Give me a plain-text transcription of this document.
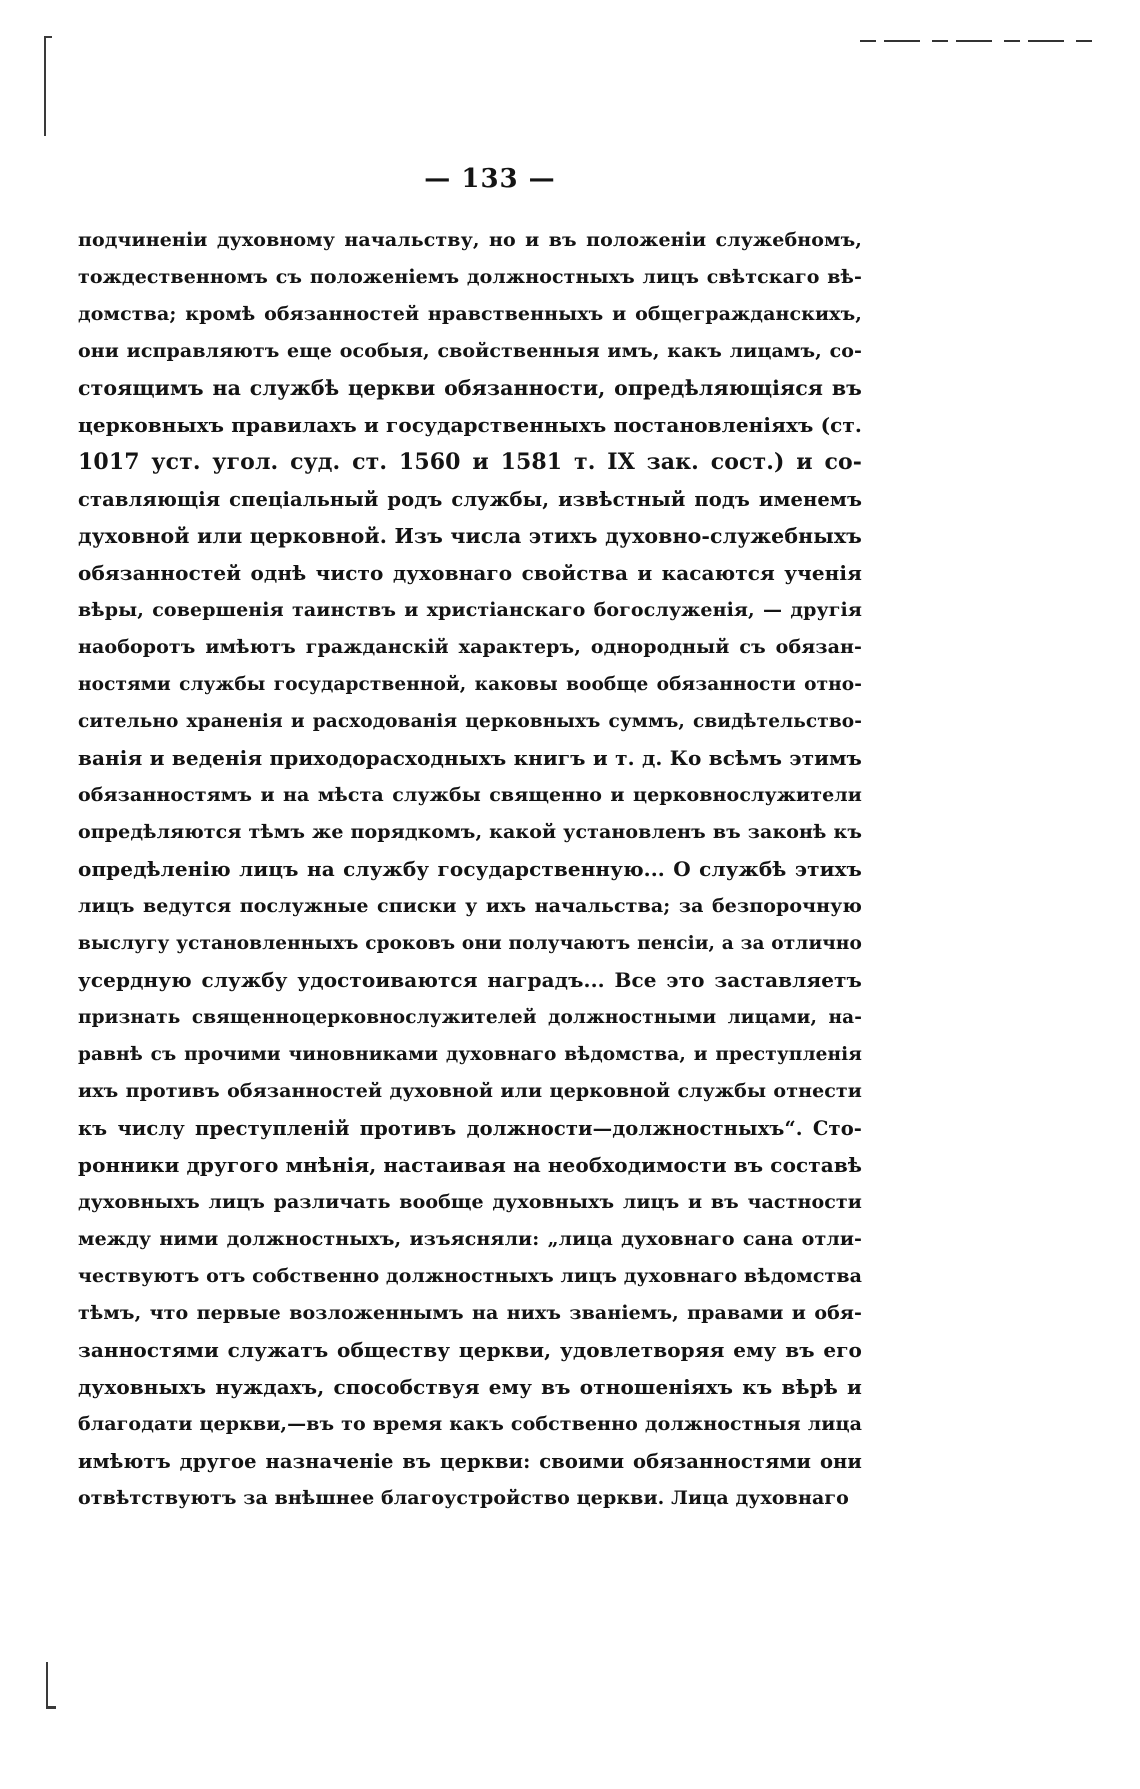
— 133 —
подчиненіи духовному начальству, но и въ положеніи служебномъ,
тождественномъ съ положеніемъ должностныхъ лицъ свѣтскаго вѣ-
домства; кромѣ обязанностей нравственныхъ и общегражданскихъ,
они исправляютъ еще особыя, свойственныя имъ, какъ лицамъ, со-
стоящимъ на службѣ церкви обязанности, опредѣляющіяся въ
церковныхъ правилахъ и государственныхъ постановленіяхъ (ст.
1017 уст. угол. суд. ст. 1560 и 1581 т. IX зак. сост.) и со-
ставляющія спеціальный родъ службы, извѣстный подъ именемъ
духовной или церковной. Изъ числа этихъ духовно-служебныхъ
обязанностей однѣ чисто духовнаго свойства и касаются ученія
вѣры, совершенія таинствъ и христіанскаго богослуженія, — другія
наоборотъ имѣютъ гражданскій характеръ, однородный съ обязан-
ностями службы государственной, каковы вообще обязанности отно-
сительно храненія и расходованія церковныхъ суммъ, свидѣтельство-
ванія и веденія приходорасходныхъ книгъ и т. д. Ко всѣмъ этимъ
обязанностямъ и на мѣста службы священно и церковнослужители
опредѣляются тѣмъ же порядкомъ, какой установленъ въ законѣ къ
опредѣленію лицъ на службу государственную... О службѣ этихъ
лицъ ведутся послужные списки у ихъ начальства; за безпорочную
выслугу установленныхъ сроковъ они получаютъ пенсіи, а за отлично
усердную службу удостоиваются наградъ... Все это заставляетъ
признать священноцерковнослужителей должностными лицами, на-
равнѣ съ прочими чиновниками духовнаго вѣдомства, и преступленія
ихъ противъ обязанностей духовной или церковной службы отнести
къ числу преступленій противъ должности—должностныхъ“. Сто-
ронники другого мнѣнія, настаивая на необходимости въ составѣ
духовныхъ лицъ различать вообще духовныхъ лицъ и въ частности
между ними должностныхъ, изъясняли: „лица духовнаго сана отли-
чествуютъ отъ собственно должностныхъ лицъ духовнаго вѣдомства
тѣмъ, что первые возложеннымъ на нихъ званіемъ, правами и обя-
занностями служатъ обществу церкви, удовлетворяя ему въ его
духовныхъ нуждахъ, способствуя ему въ отношеніяхъ къ вѣрѣ и
благодати церкви,—въ то время какъ собственно должностныя лица
имѣютъ другое назначеніе въ церкви: своими обязанностями они
отвѣтствуютъ за внѣшнее благоустройство церкви. Лица духовнаго
